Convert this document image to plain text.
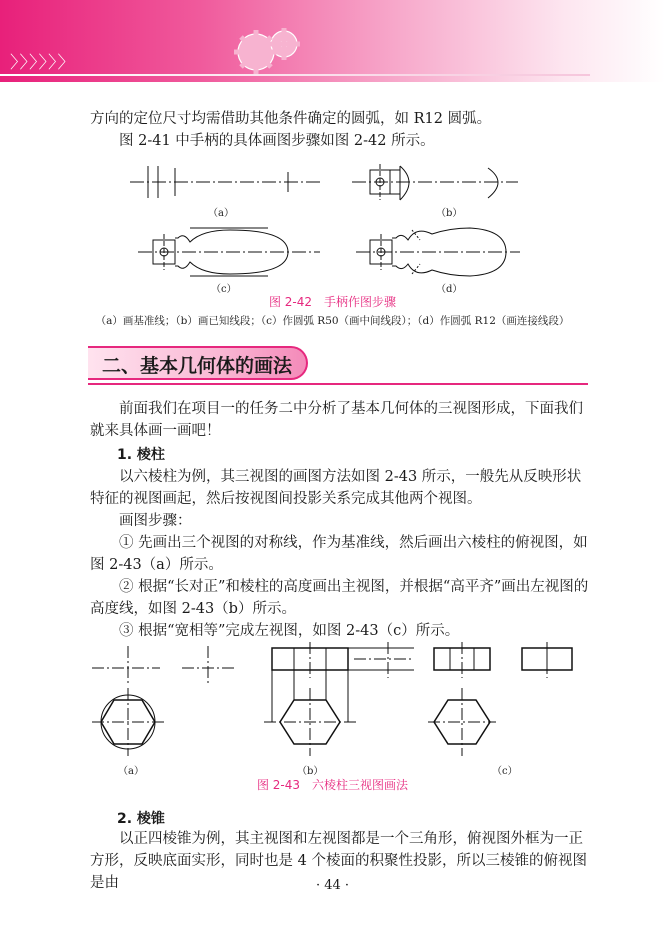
〉〉〉〉〉〉

方向的定位尺寸均需借助其他条件确定的圆弧，如 R12 圆弧。

图 2-41 中手柄的具体画图步骤如图 2-42 所示。

（a）	（b）
（c）	（d）
图 2-42　手柄作图步骤
（a）画基准线；（b）画已知线段；（c）作圆弧 R50（画中间线段）；（d）作圆弧 R12（画连接线段）
二、基本几何体的画法

前面我们在项目一的任务二中分析了基本几何体的三视图形成，下面我们就来具体画一画吧！

1. 棱柱

以六棱柱为例，其三视图的画图方法如图 2-43 所示，一般先从反映形状特征的视图画起，然后按视图间投影关系完成其他两个视图。

画图步骤：

① 先画出三个视图的对称线，作为基准线，然后画出六棱柱的俯视图，如图 2-43（a）所示。

② 根据“长对正”和棱柱的高度画出主视图，并根据“高平齐”画出左视图的高度线，如图 2-43（b）所示。

③ 根据“宽相等”完成左视图，如图 2-43（c）所示。

（a）	（b）	（c）
图 2-43　六棱柱三视图画法
2. 棱锥

以正四棱锥为例，其主视图和左视图都是一个三角形，俯视图外框为一正方形，反映底面实形，同时也是 4 个棱面的积聚性投影，所以三棱锥的俯视图是由	· 44 ·
